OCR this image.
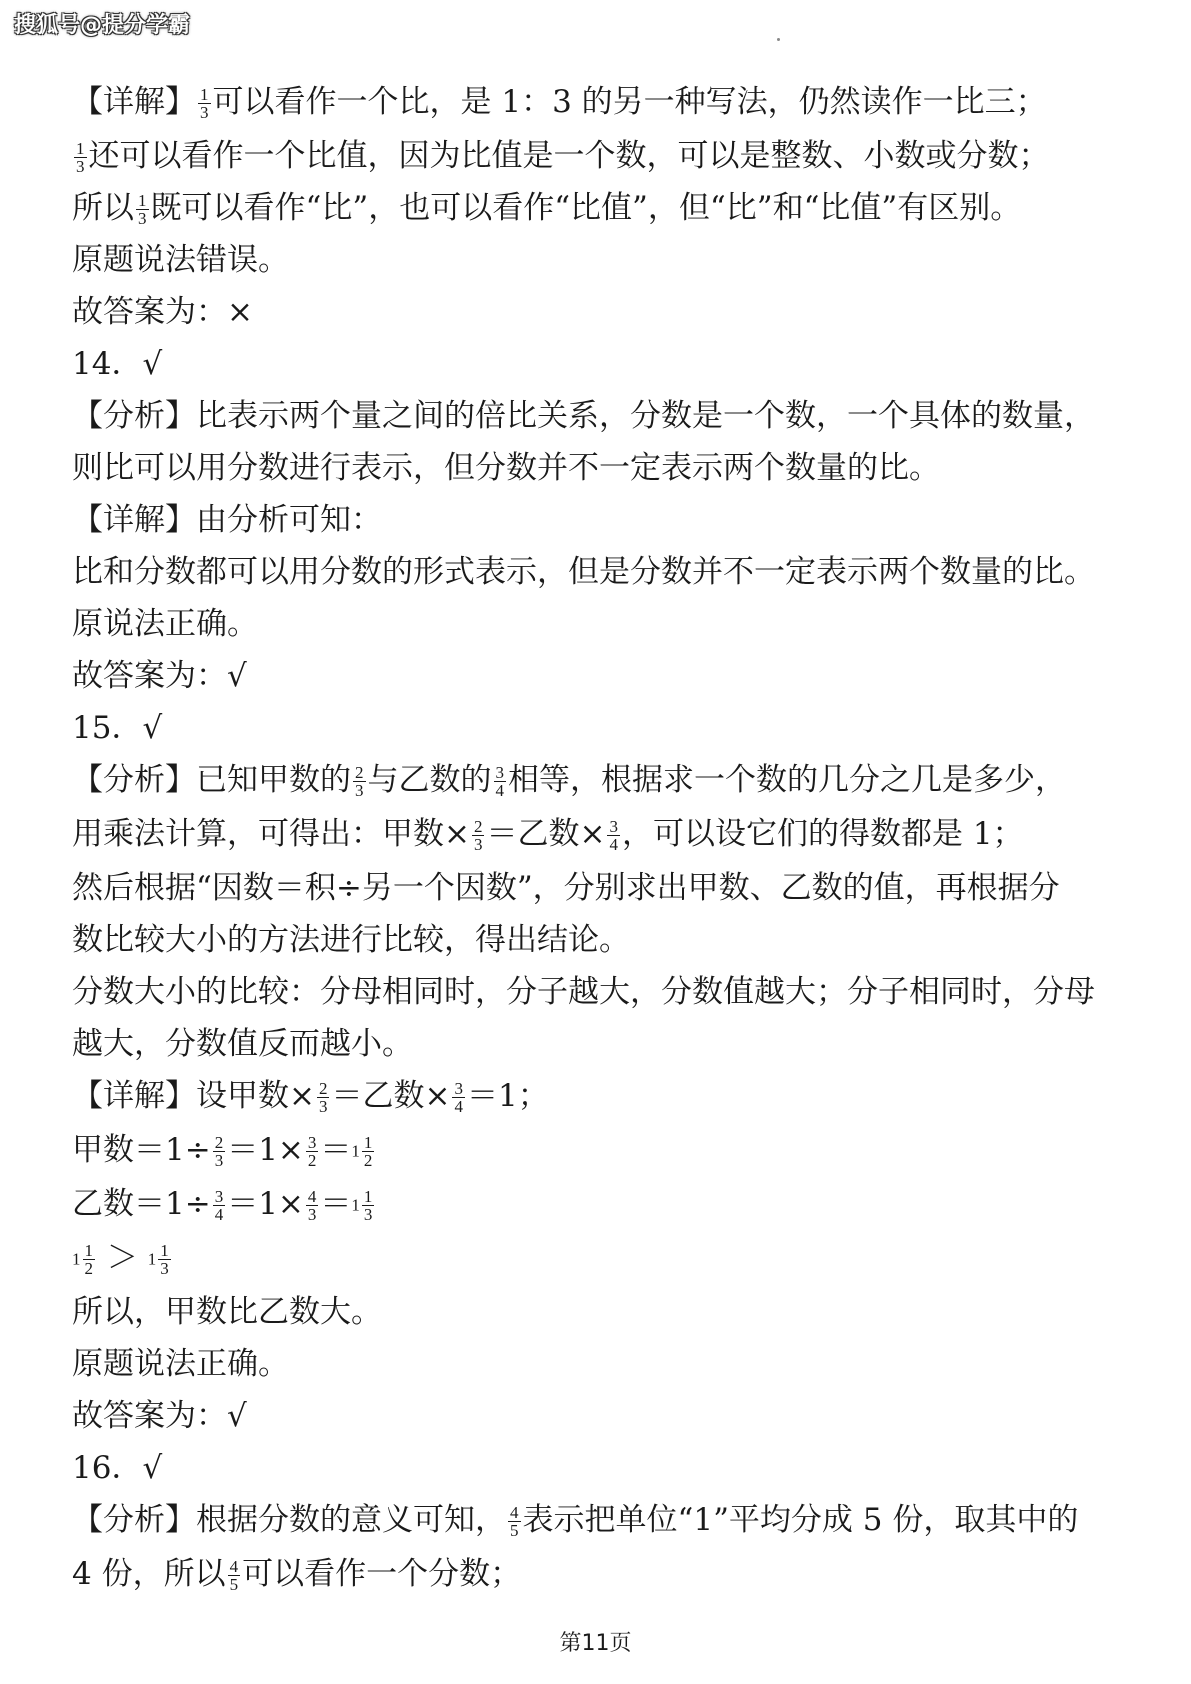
搜狐号@提分学霸
【详解】 $\frac{1}{3}$ 可以看作一个比，是 1：3 的另一种写法，仍然读作一比三；
$\frac{1}{3}$ 还可以看作一个比值，因为比值是一个数，可以是整数、小数或分数；
所以 $\frac{1}{3}$ 既可以看作“比”，也可以看作“比值”，但“比”和“比值”有区别。
原题说法错误。
故答案为：×
14．√
【分析】比表示两个量之间的倍比关系，分数是一个数，一个具体的数量，
则比可以用分数进行表示，但分数并不一定表示两个数量的比。
【详解】由分析可知：
比和分数都可以用分数的形式表示，但是分数并不一定表示两个数量的比。
原说法正确。
故答案为：√
15．√
【分析】已知甲数的 $\frac{2}{3}$ 与乙数的 $\frac{3}{4}$ 相等，根据求一个数的几分之几是多少，
用乘法计算，可得出：甲数× $\frac{2}{3}$ ＝乙数× $\frac{3}{4}$ ，可以设它们的得数都是 1；
然后根据“因数＝积÷另一个因数”，分别求出甲数、乙数的值，再根据分
数比较大小的方法进行比较，得出结论。
分数大小的比较：分母相同时，分子越大，分数值越大；分子相同时，分母
越大，分数值反而越小。
【详解】设甲数× $\frac{2}{3}$ ＝乙数× $\frac{3}{4} =1$；
甲数$=1\div \frac{2}{3} =1\times \frac{3}{2} =1 \frac{1}{2}$
乙数$=1\div \frac{3}{4} =1\times \frac{4}{3} =1 \frac{1}{3}$
$1 \frac{1}{2} > 1 \frac{1}{3}$
所以，甲数比乙数大。
原题说法正确。
故答案为：√
16．√
【分析】根据分数的意义可知， $\frac{4}{5}$ 表示把单位“1”平均分成 5 份，取其中的
4 份，所以 $\frac{4}{5}$ 可以看作一个分数；
第11页
